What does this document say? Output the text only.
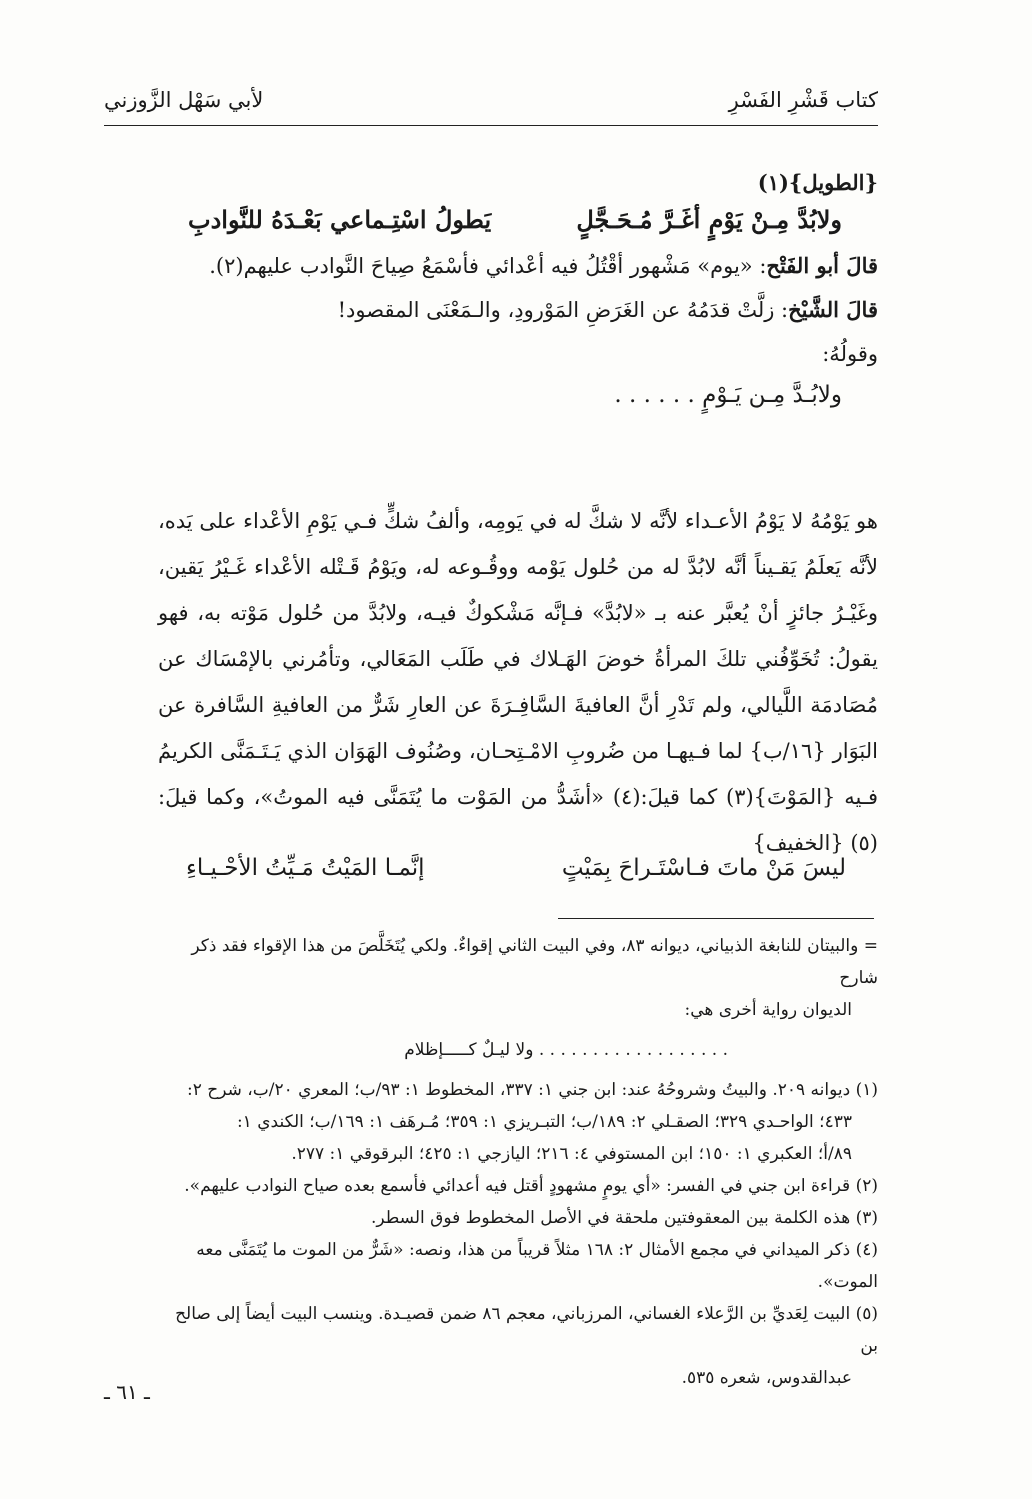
كتاب قَشْرِ الفَسْرِ
لأبي سَهْل الزَّوزني
{الطويل}(١)
ولابُدَّ مِـنْ يَوْمٍ أغَـرَّ مُـحَـجَّلٍ
يَطولُ اسْتِـماعي بَعْـدَهُ للنَّوادبِ

قالَ أبو الفَتْح: «يوم» مَشْهور أقْتُلُ فيه أعْدائي فأسْمَعُ صِياحَ النَّوادب عليهم(٢).

قالَ الشَّيْخ: زلَّتْ قدَمُهُ عن الغَرَضِ المَوْرودِ، والـمَعْنَى المقصود!

وقولُهُ:

ولابُـدَّ مِـن يَـوْمٍ . . . . . .
هو يَوْمُهُ لا يَوْمُ الأعـداء لأنَّه لا شكَّ له في يَومِه، وألفُ شكٍّ فـي يَوْمِ الأعْداء على يَده، لأنَّه يَعلَمُ يَقـيناً أنَّه لابُدَّ له من حُلول يَوْمه ووقُـوعه له، ويَوْمُ قَـتْله الأعْداء غَـيْرُ يَقين، وغَيْـرُ جائزٍ أنْ يُعبَّر عنه بـ «لابُدَّ» فـإنَّه مَشْكوكٌ فيـه، ولابُدَّ من حُلول مَوْته به، فهو يقولُ: تُخَوِّفُني تلكَ المرأةُ خوضَ الهَـلاك في طَلَب المَعَالي، وتأمُرني بالإمْسَاك عن مُصَادمَة اللَّيالي، ولم تَدْرِ أنَّ العافيةَ السَّافِـرَةَ عن العارِ شَرٌّ من العافيةِ السَّافرة عن البَوَار {١٦/ب} لما فـيهـا من ضُروبِ الامْـتِحـان، وصُنُوف الهَوَان الذي يَـتَـمَنَّى الكريمُ فـيه {المَوْتَ}(٣) كما قيلَ:(٤) «أشَدُّ من المَوْت ما يُتَمَنَّى فيه الموتُ»، وكما قيلَ:(٥) {الخفيف}
ليسَ مَنْ ماتَ فـاسْتَـراحَ بِمَيْتٍ
إنَّمـا المَيْتُ مَـيِّتُ الأحْـيـاءِ

= والبيتان للنابغة الذبياني، ديوانه ٨٣، وفي البيت الثاني إقواءٌ. ولكي يُتَخَلَّصَ من هذا الإقواء فقد ذكر شارح

الديوان رواية أخرى هي:

. . . . . . . . . . . . . . . . . . ولا ليـلٌ كـــــإظلام

(١) ديوانه ٢٠٩. والبيتُ وشروحُهُ عند: ابن جني ١: ٣٣٧، المخطوط ١: ٩٣/ب؛ المعري ٢٠/ب، شرح ٢:

٤٣٣؛ الواحـدي ٣٢٩؛ الصقـلي ٢: ١٨٩/ب؛ التبـريزي ١: ٣٥٩؛ مُـرهَف ١: ١٦٩/ب؛ الكندي ١:

٨٩/أ؛ العكبري ١: ١٥٠؛ ابن المستوفي ٤: ٢١٦؛ اليازجي ١: ٤٢٥؛ البرقوقي ١: ٢٧٧.

(٢) قراءة ابن جني في الفسر: «أي يومٍ مشهودٍ أقتل فيه أعدائي فأسمع بعده صياح النوادب عليهم».

(٣) هذه الكلمة بين المعقوفتين ملحقة في الأصل المخطوط فوق السطر.

(٤) ذكر الميداني في مجمع الأمثال ٢: ١٦٨ مثلاً قريباً من هذا، ونصه: «شَرٌّ من الموت ما يُتَمَنَّى معه الموت».

(٥) البيت لِعَديِّ بن الرَّعلاء الغساني، المرزباني، معجم ٨٦ ضمن قصيـدة. وينسب البيت أيضاً إلى صالح بن

عبدالقدوس، شعره ٥٣٥.

ـ ٦١ ـ
